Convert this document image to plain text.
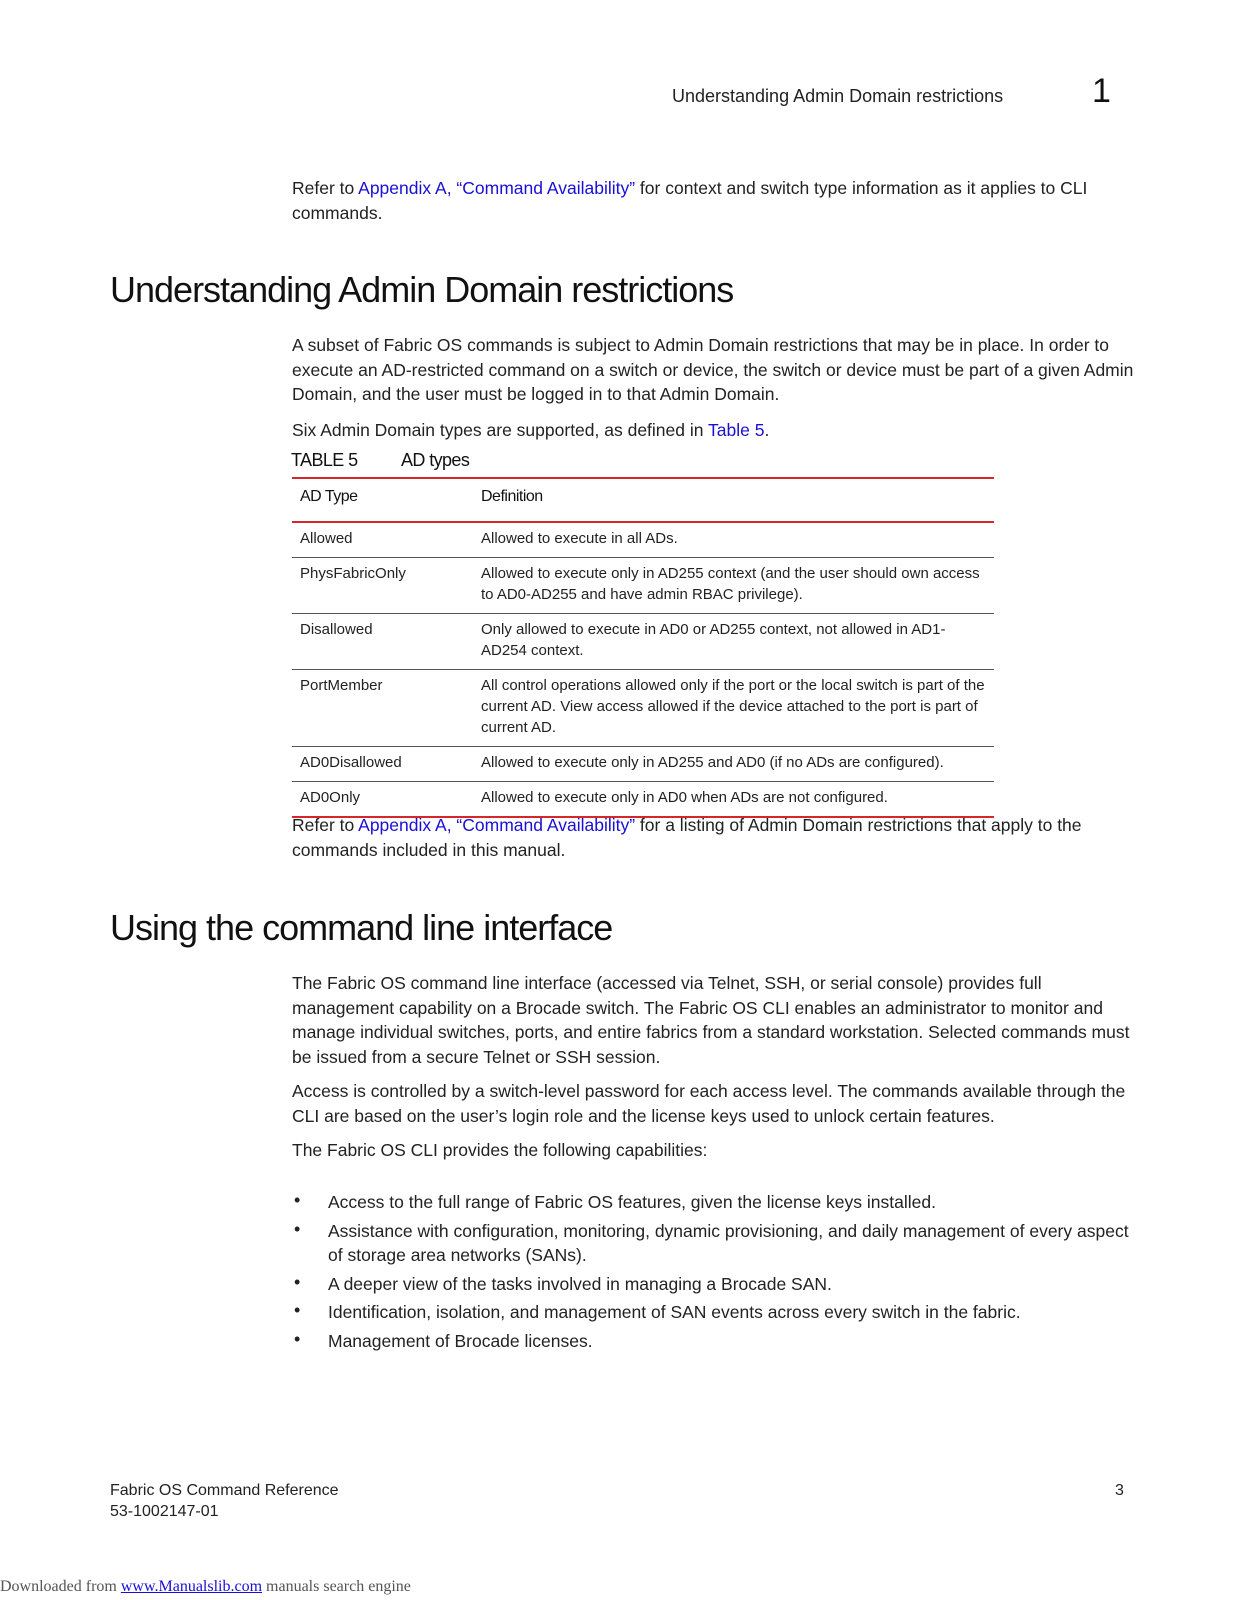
Understanding Admin Domain restrictions	1
Refer to Appendix A, “Command Availability” for context and switch type information as it applies to CLI commands.
Understanding Admin Domain restrictions
A subset of Fabric OS commands is subject to Admin Domain restrictions that may be in place. In order to execute an AD-restricted command on a switch or device, the switch or device must be part of a given Admin Domain, and the user must be logged in to that Admin Domain.
Six Admin Domain types are supported, as defined in Table 5.
TABLE 5 AD types
AD Type	Definition
Allowed	Allowed to execute in all ADs.
PhysFabricOnly	Allowed to execute only in AD255 context (and the user should own access to AD0-AD255 and have admin RBAC privilege).
Disallowed	Only allowed to execute in AD0 or AD255 context, not allowed in AD1-AD254 context.
PortMember	All control operations allowed only if the port or the local switch is part of the current AD. View access allowed if the device attached to the port is part of current AD.
AD0Disallowed	Allowed to execute only in AD255 and AD0 (if no ADs are configured).
AD0Only	Allowed to execute only in AD0 when ADs are not configured.
Refer to Appendix A, “Command Availability” for a listing of Admin Domain restrictions that apply to the commands included in this manual.
Using the command line interface
The Fabric OS command line interface (accessed via Telnet, SSH, or serial console) provides full management capability on a Brocade switch. The Fabric OS CLI enables an administrator to monitor and manage individual switches, ports, and entire fabrics from a standard workstation. Selected commands must be issued from a secure Telnet or SSH session.
Access is controlled by a switch-level password for each access level. The commands available through the CLI are based on the user’s login role and the license keys used to unlock certain features.
The Fabric OS CLI provides the following capabilities:
• Access to the full range of Fabric OS features, given the license keys installed.
• Assistance with configuration, monitoring, dynamic provisioning, and daily management of every aspect of storage area networks (SANs).
• A deeper view of the tasks involved in managing a Brocade SAN.
• Identification, isolation, and management of SAN events across every switch in the fabric.
• Management of Brocade licenses.
Fabric OS Command Reference
53-1002147-01
3
Downloaded from www.Manualslib.com manuals search engine
